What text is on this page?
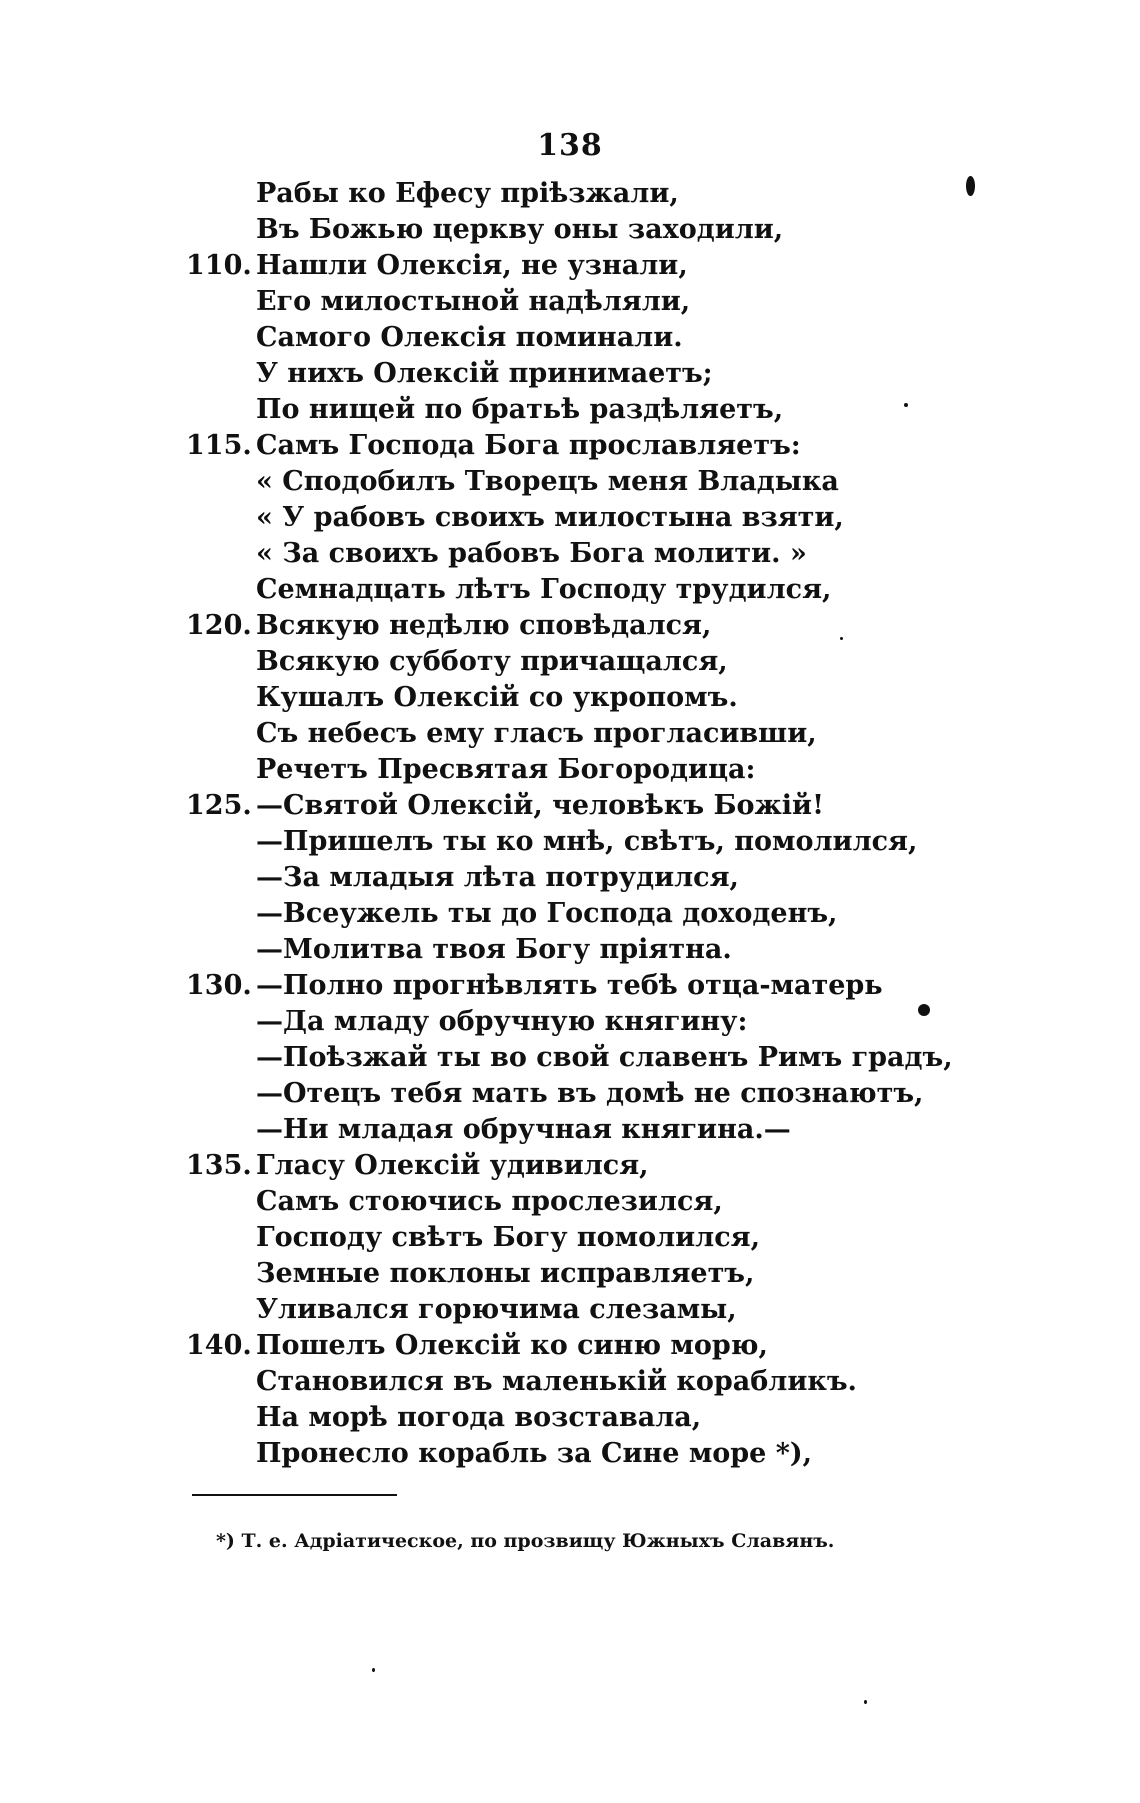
138
Рабы ко Ефесу пріѣзжали,
Въ Божью церкву оны заходили,
110. Нашли Олексія, не узнали,
Его милостыной надѣляли,
Самого Олексія поминали.
У нихъ Олексій принимаетъ;
По нищей по братьѣ раздѣляетъ,
115. Самъ Господа Бога прославляетъ:
« Сподобилъ Творецъ меня Владыка
« У рабовъ своихъ милостына взяти,
« За своихъ рабовъ Бога молити. »
Семнадцать лѣтъ Господу трудился,
120. Всякую недѣлю сповѣдался,
Всякую субботу причащался,
Кушалъ Олексій со укропомъ.
Съ небесъ ему гласъ прогласивши,
Речетъ Пресвятая Богородица:
125. —Святой Олексій, человѣкъ Божій!
—Пришелъ ты ко мнѣ, свѣтъ, помолился,
—За младыя лѣта потрудился,
—Всеужель ты до Господа доходенъ,
—Молитва твоя Богу пріятна.
130. —Полно прогнѣвлять тебѣ отца-матерь
—Да младу обручную княгину:
—Поѣзжай ты во свой славенъ Римъ градъ,
—Отецъ тебя мать въ домѣ не спознаютъ,
—Ни младая обручная княгина.—
135. Гласу Олексій удивился,
Самъ стоючись прослезился,
Господу свѣтъ Богу помолился,
Земные поклоны исправляетъ,
Уливался горючима слезамы,
140. Пошелъ Олексій ко синю морю,
Становился въ маленькій корабликъ.
На морѣ погода возставала,
Пронесло корабль за Сине море *),
*) Т. е. Адріатическое, по прозвищу Южныхъ Славянъ.
